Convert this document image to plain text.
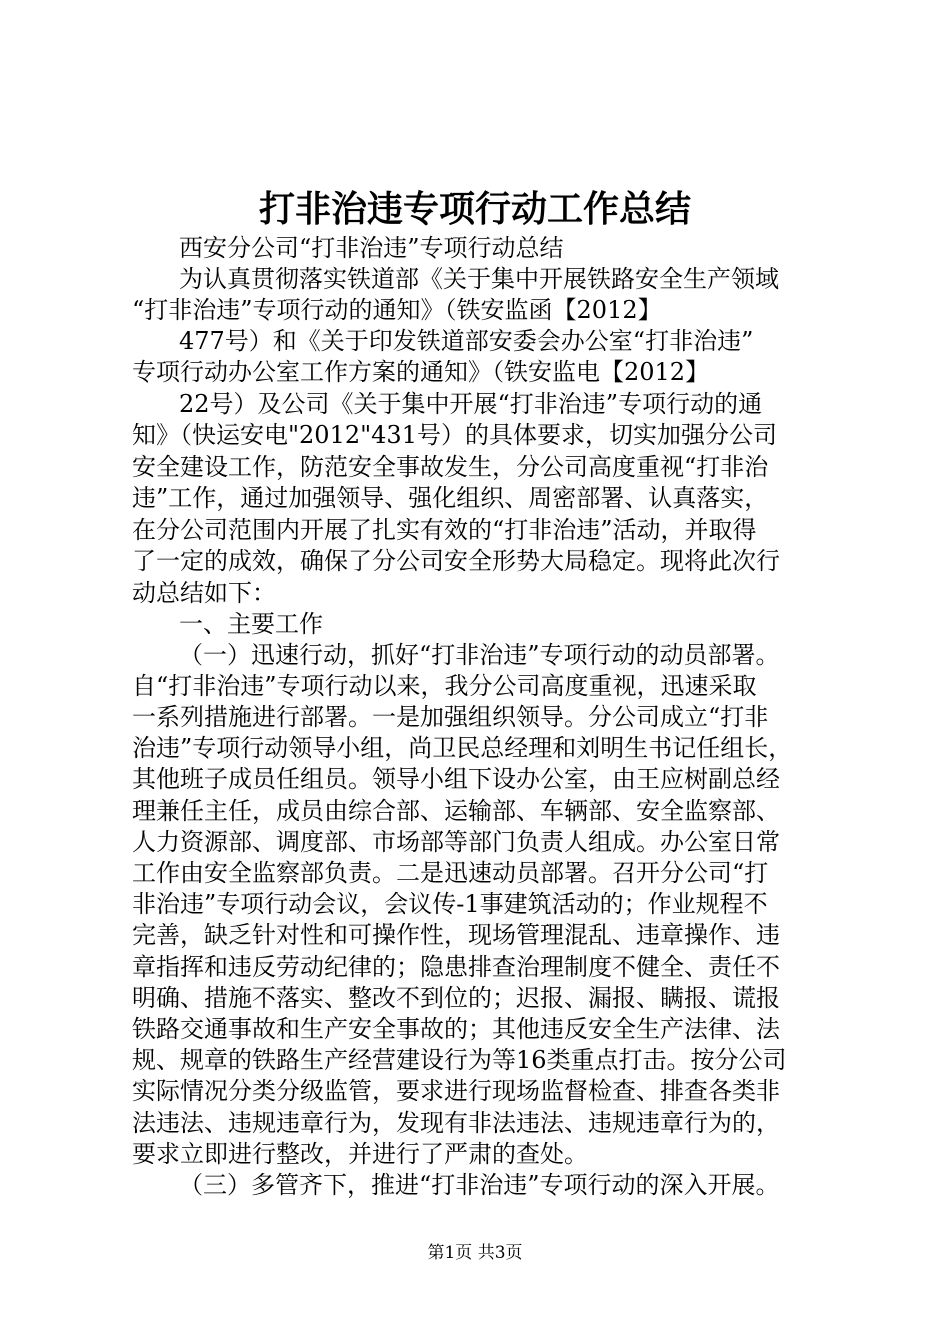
打非治违专项行动工作总结

西安分公司“打非治违”专项行动总结

为认真贯彻落实铁道部《关于集中开展铁路安全生产领域

“打非治违”专项行动的通知》（铁安监函【2012】

477号）和《关于印发铁道部安委会办公室“打非治违”

专项行动办公室工作方案的通知》（铁安监电【2012】

22号）及公司《关于集中开展“打非治违”专项行动的通

知》（快运安电"2012"431号）的具体要求，切实加强分公司

安全建设工作，防范安全事故发生，分公司高度重视“打非治

违”工作，通过加强领导、强化组织、周密部署、认真落实，

在分公司范围内开展了扎实有效的“打非治违”活动，并取得

了一定的成效，确保了分公司安全形势大局稳定。现将此次行

动总结如下：

一、主要工作

（一）迅速行动，抓好“打非治违”专项行动的动员部署。

自“打非治违”专项行动以来，我分公司高度重视，迅速采取

一系列措施进行部署。一是加强组织领导。分公司成立“打非

治违”专项行动领导小组，尚卫民总经理和刘明生书记任组长，

其他班子成员任组员。领导小组下设办公室，由王应树副总经

理兼任主任，成员由综合部、运输部、车辆部、安全监察部、

人力资源部、调度部、市场部等部门负责人组成。办公室日常

工作由安全监察部负责。二是迅速动员部署。召开分公司“打

非治违”专项行动会议，会议传-1事建筑活动的；作业规程不

完善，缺乏针对性和可操作性，现场管理混乱、违章操作、违

章指挥和违反劳动纪律的；隐患排查治理制度不健全、责任不

明确、措施不落实、整改不到位的；迟报、漏报、瞒报、谎报

铁路交通事故和生产安全事故的；其他违反安全生产法律、法

规、规章的铁路生产经营建设行为等16类重点打击。按分公司

实际情况分类分级监管，要求进行现场监督检查、排查各类非

法违法、违规违章行为，发现有非法违法、违规违章行为的，

要求立即进行整改，并进行了严肃的查处。

（三）多管齐下，推进“打非治违”专项行动的深入开展。

第1页 共3页
